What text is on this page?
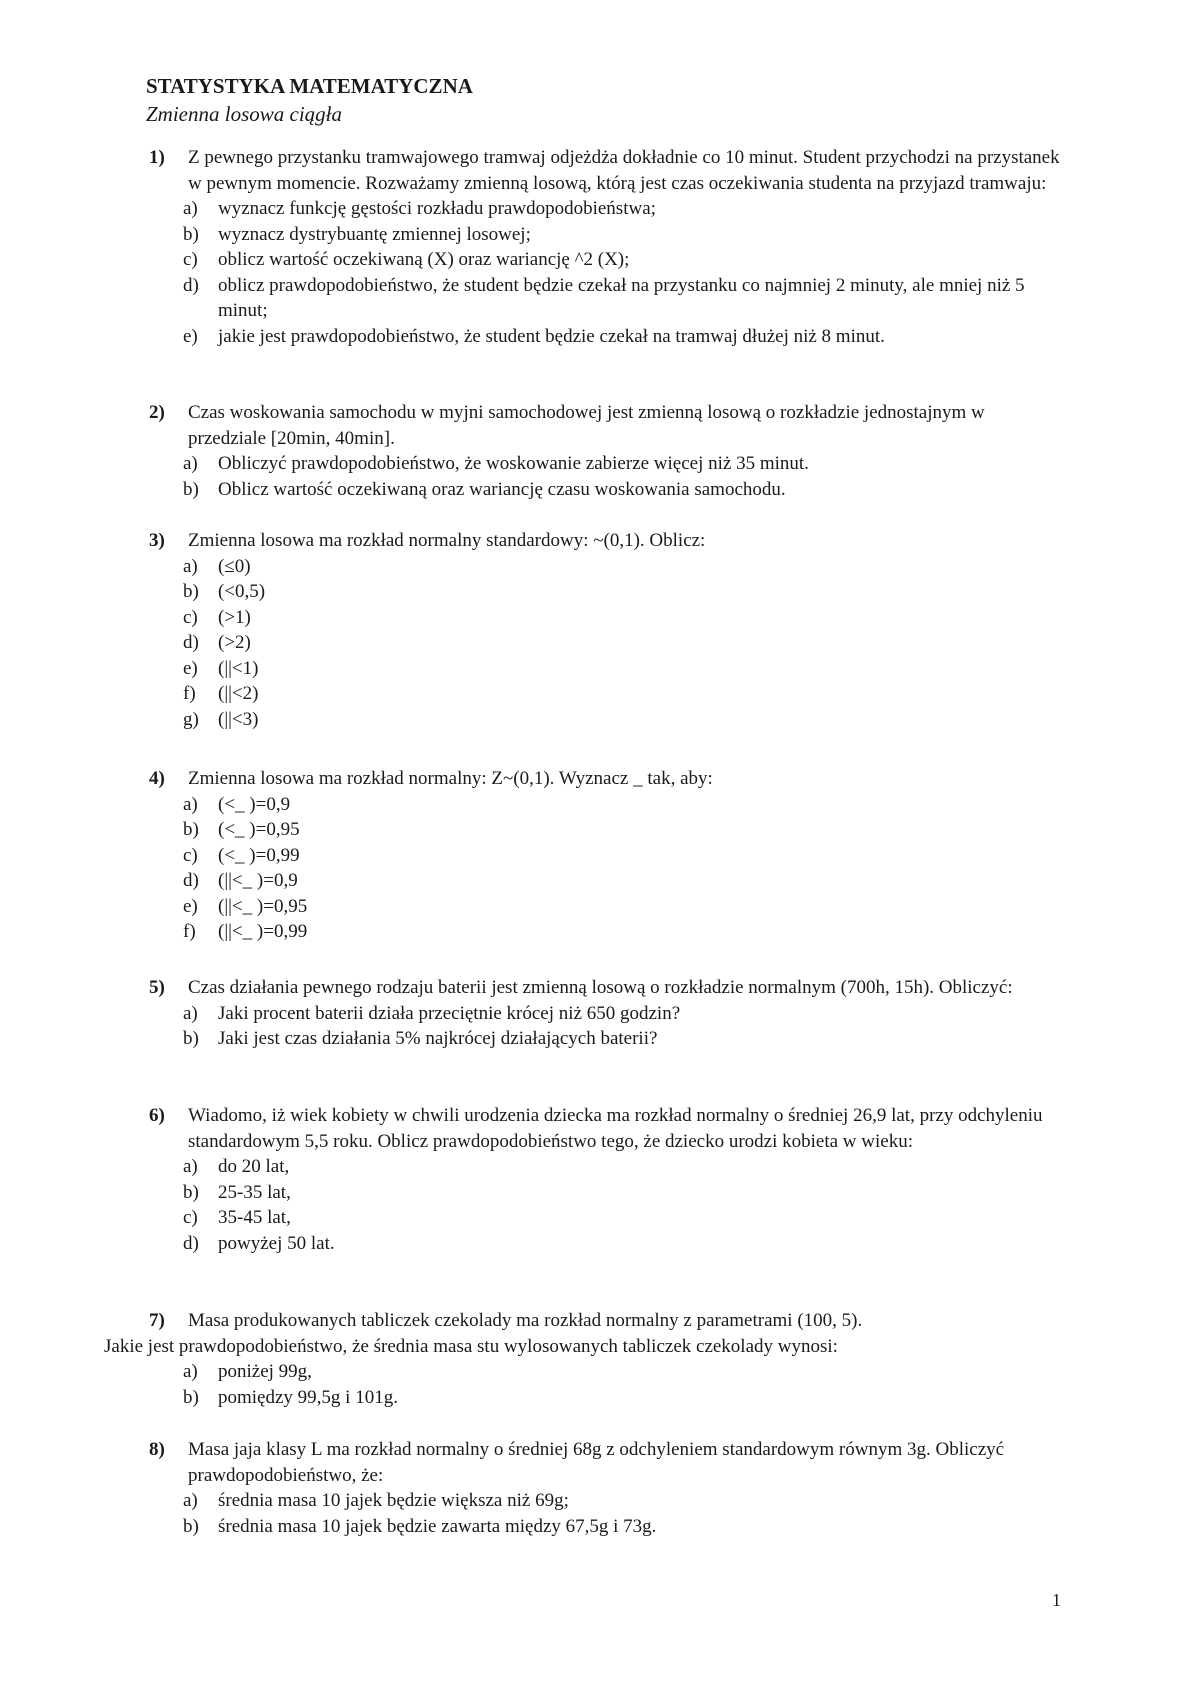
STATYSTYKA MATEMATYCZNA
Zmienna losowa ciągła
1) Z pewnego przystanku tramwajowego tramwaj odjeżdża dokładnie co 10 minut. Student przychodzi na przystanek w pewnym momencie. Rozważamy zmienną losową, którą jest czas oczekiwania studenta na przyjazd tramwaju:
a) wyznacz funkcję gęstości rozkładu prawdopodobieństwa;
b) wyznacz dystrybuantę zmiennej losowej;
c) oblicz wartość oczekiwaną (X) oraz wariancję ^2 (X);
d) oblicz prawdopodobieństwo, że student będzie czekał na przystanku co najmniej 2 minuty, ale mniej niż 5 minut;
e) jakie jest prawdopodobieństwo, że student będzie czekał na tramwaj dłużej niż 8 minut.
2) Czas woskowania samochodu w myjni samochodowej jest zmienną losową o rozkładzie jednostajnym w przedziale [20min, 40min].
a) Obliczyć prawdopodobieństwo, że woskowanie zabierze więcej niż 35 minut.
b) Oblicz wartość oczekiwaną oraz wariancję czasu woskowania samochodu.
3) Zmienna losowa ma rozkład normalny standardowy: ~(0,1). Oblicz:
a) (≤0)
b) (<0,5)
c) (>1)
d) (>2)
e) (||<1)
f) (||<2)
g) (||<3)
4) Zmienna losowa ma rozkład normalny: Z~(0,1). Wyznacz _ tak, aby:
a) (<_ )=0,9
b) (<_ )=0,95
c) (<_ )=0,99
d) (||<_ )=0,9
e) (||<_ )=0,95
f) (||<_ )=0,99
5) Czas działania pewnego rodzaju baterii jest zmienną losową o rozkładzie normalnym (700h, 15h). Obliczyć:
a) Jaki procent baterii działa przeciętnie krócej niż 650 godzin?
b) Jaki jest czas działania 5% najkrócej działających baterii?
6) Wiadomo, iż wiek kobiety w chwili urodzenia dziecka ma rozkład normalny o średniej 26,9 lat, przy odchyleniu standardowym 5,5 roku. Oblicz prawdopodobieństwo tego, że dziecko urodzi kobieta w wieku:
a) do 20 lat,
b) 25-35 lat,
c) 35-45 lat,
d) powyżej 50 lat.
7) Masa produkowanych tabliczek czekolady ma rozkład normalny z parametrami (100, 5).
Jakie jest prawdopodobieństwo, że średnia masa stu wylosowanych tabliczek czekolady wynosi:
a) poniżej 99g,
b) pomiędzy 99,5g i 101g.
8) Masa jaja klasy L ma rozkład normalny o średniej 68g z odchyleniem standardowym równym 3g. Obliczyć prawdopodobieństwo, że:
a) średnia masa 10 jajek będzie większa niż 69g;
b) średnia masa 10 jajek będzie zawarta między 67,5g i 73g.
1
